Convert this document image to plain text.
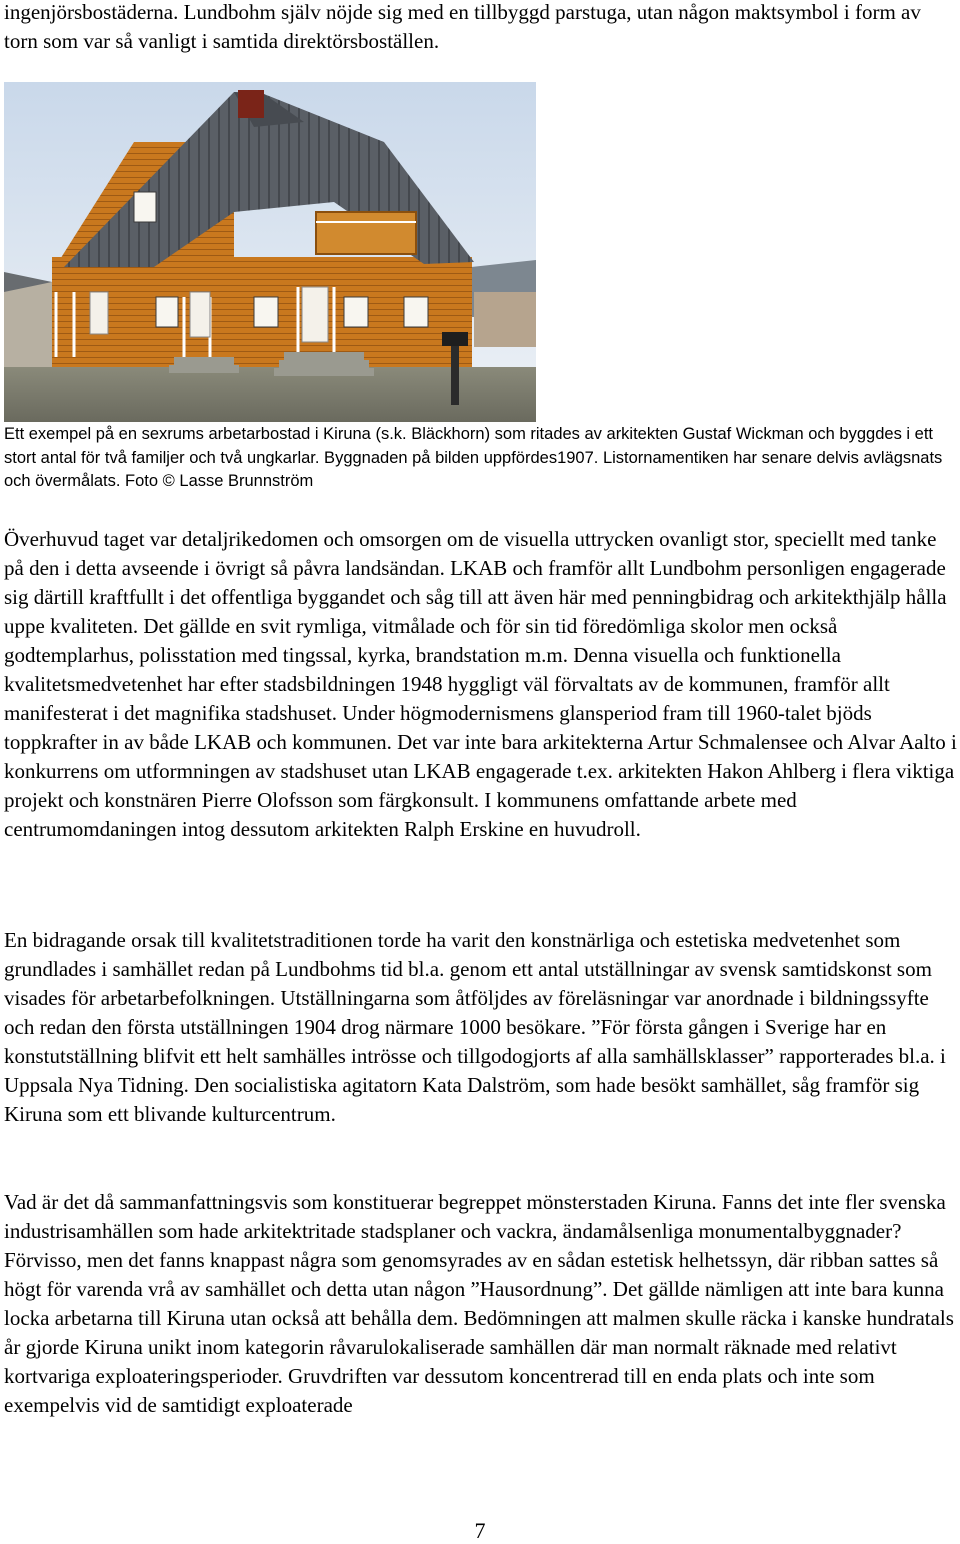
ingenjörsbostäderna. Lundbohm själv nöjde sig med en tillbyggd parstuga, utan någon maktsymbol i form av torn som var så vanligt i samtida direktörsboställen.
Ett exempel på en sexrums arbetarbostad i Kiruna (s.k. Bläckhorn) som ritades av arkitekten Gustaf Wickman och byggdes i ett stort antal för två familjer och två ungkarlar. Byggnaden på bilden uppfördes1907. Listornamentiken har senare delvis avlägsnats och övermålats. Foto © Lasse Brunnström

Överhuvud taget var detaljrikedomen och omsorgen om de visuella uttrycken ovanligt stor, speciellt med tanke på den i detta avseende i övrigt så påvra landsändan. LKAB och framför allt Lundbohm personligen engagerade sig därtill kraftfullt i det offentliga byggandet och såg till att även här med penningbidrag och arkitekthjälp hålla uppe kvaliteten. Det gällde en svit rymliga, vitmålade och för sin tid föredömliga skolor men också godtemplarhus, polisstation med tingssal, kyrka, brandstation m.m. Denna visuella och funktionella kvalitetsmedvetenhet har efter stadsbildningen 1948 hyggligt väl förvaltats av de kommunen, framför allt manifesterat i det magnifika stadshuset. Under högmodernismens glansperiod fram till 1960-talet bjöds toppkrafter in av både LKAB och kommunen. Det var inte bara arkitekterna Artur Schmalensee och Alvar Aalto i konkurrens om utformningen av stadshuset utan LKAB engagerade t.ex. arkitekten Hakon Ahlberg i flera viktiga projekt och konstnären Pierre Olofsson som färgkonsult. I kommunens omfattande arbete med centrumomdaningen intog dessutom arkitekten Ralph Erskine en huvudroll.

En bidragande orsak till kvalitetstraditionen torde ha varit den konstnärliga och estetiska medvetenhet som grundlades i samhället redan på Lundbohms tid bl.a. genom ett antal utställningar av svensk samtidskonst som visades för arbetarbefolkningen. Utställningarna som åtföljdes av föreläsningar var anordnade i bildningssyfte och redan den första utställningen 1904 drog närmare 1000 besökare. ”För första gången i Sverige har en konstutställning blifvit ett helt samhälles intrösse och tillgodogjorts af alla samhällsklasser” rapporterades bl.a. i Uppsala Nya Tidning. Den socialistiska agitatorn Kata Dalström, som hade besökt samhället, såg framför sig Kiruna som ett blivande kulturcentrum.

Vad är det då sammanfattningsvis som konstituerar begreppet mönsterstaden Kiruna. Fanns det inte fler svenska industrisamhällen som hade arkitektritade stadsplaner och vackra, ändamålsenliga monumentalbyggnader? Förvisso, men det fanns knappast några som genomsyrades av en sådan estetisk helhetssyn, där ribban sattes så högt för varenda vrå av samhället och detta utan någon ”Hausordnung”. Det gällde nämligen att inte bara kunna locka arbetarna till Kiruna utan också att behålla dem. Bedömningen att malmen skulle räcka i kanske hundratals år gjorde Kiruna unikt inom kategorin råvarulokaliserade samhällen där man normalt räknade med relativt kortvariga exploateringsperioder. Gruvdriften var dessutom koncentrerad till en enda plats och inte som exempelvis vid de samtidigt exploaterade

7
